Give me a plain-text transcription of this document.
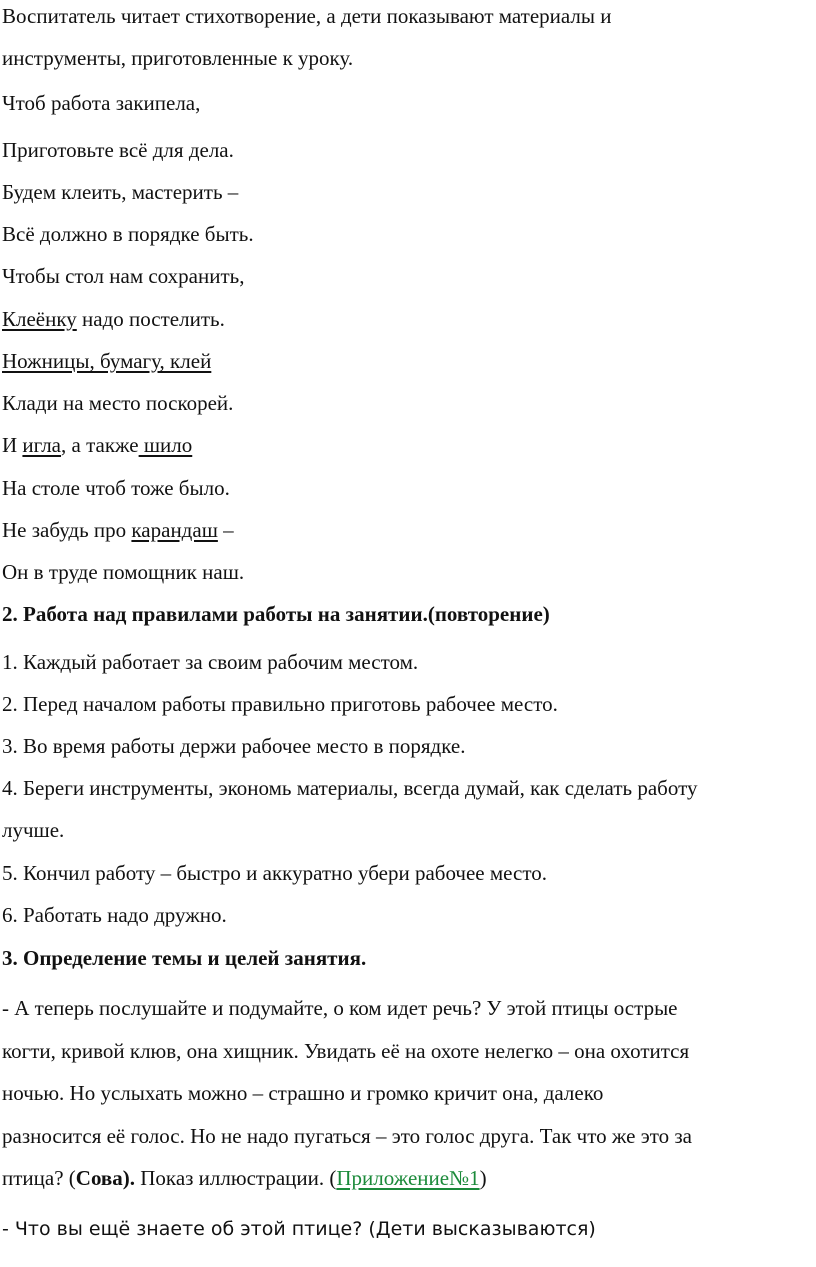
Воспитатель читает стихотворение, а дети показывают материалы и
инструменты, приготовленные к уроку.
Чтоб работа закипела,
Приготовьте всё для дела.
Будем клеить, мастерить –
Всё должно в порядке быть.
Чтобы стол нам сохранить,
Клеёнку надо постелить.
Ножницы, бумагу, клей
Клади на место поскорей.
И игла, а также шило
На столе чтоб тоже было.
Не забудь про карандаш –
Он в труде помощник наш.
2. Работа над правилами работы на занятии.(повторение)
1. Каждый работает за своим рабочим местом.
2. Перед началом работы правильно приготовь рабочее место.
3. Во время работы держи рабочее место в порядке.
4. Береги инструменты, экономь материалы, всегда думай, как сделать работу
лучше.
5. Кончил работу – быстро и аккуратно убери рабочее место.
6. Работать надо дружно.
3. Определение темы и целей занятия.
- А теперь послушайте и подумайте, о ком идет речь? У этой птицы острые
когти, кривой клюв, она хищник. Увидать её на охоте нелегко – она охотится
ночью. Но услыхать можно – страшно и громко кричит она, далеко
разносится её голос. Но не надо пугаться – это голос друга. Так что же это за
птица? (Сова). Показ иллюстрации. (Приложение№1)
- Что вы ещё знаете об этой птице? (Дети высказываются)
